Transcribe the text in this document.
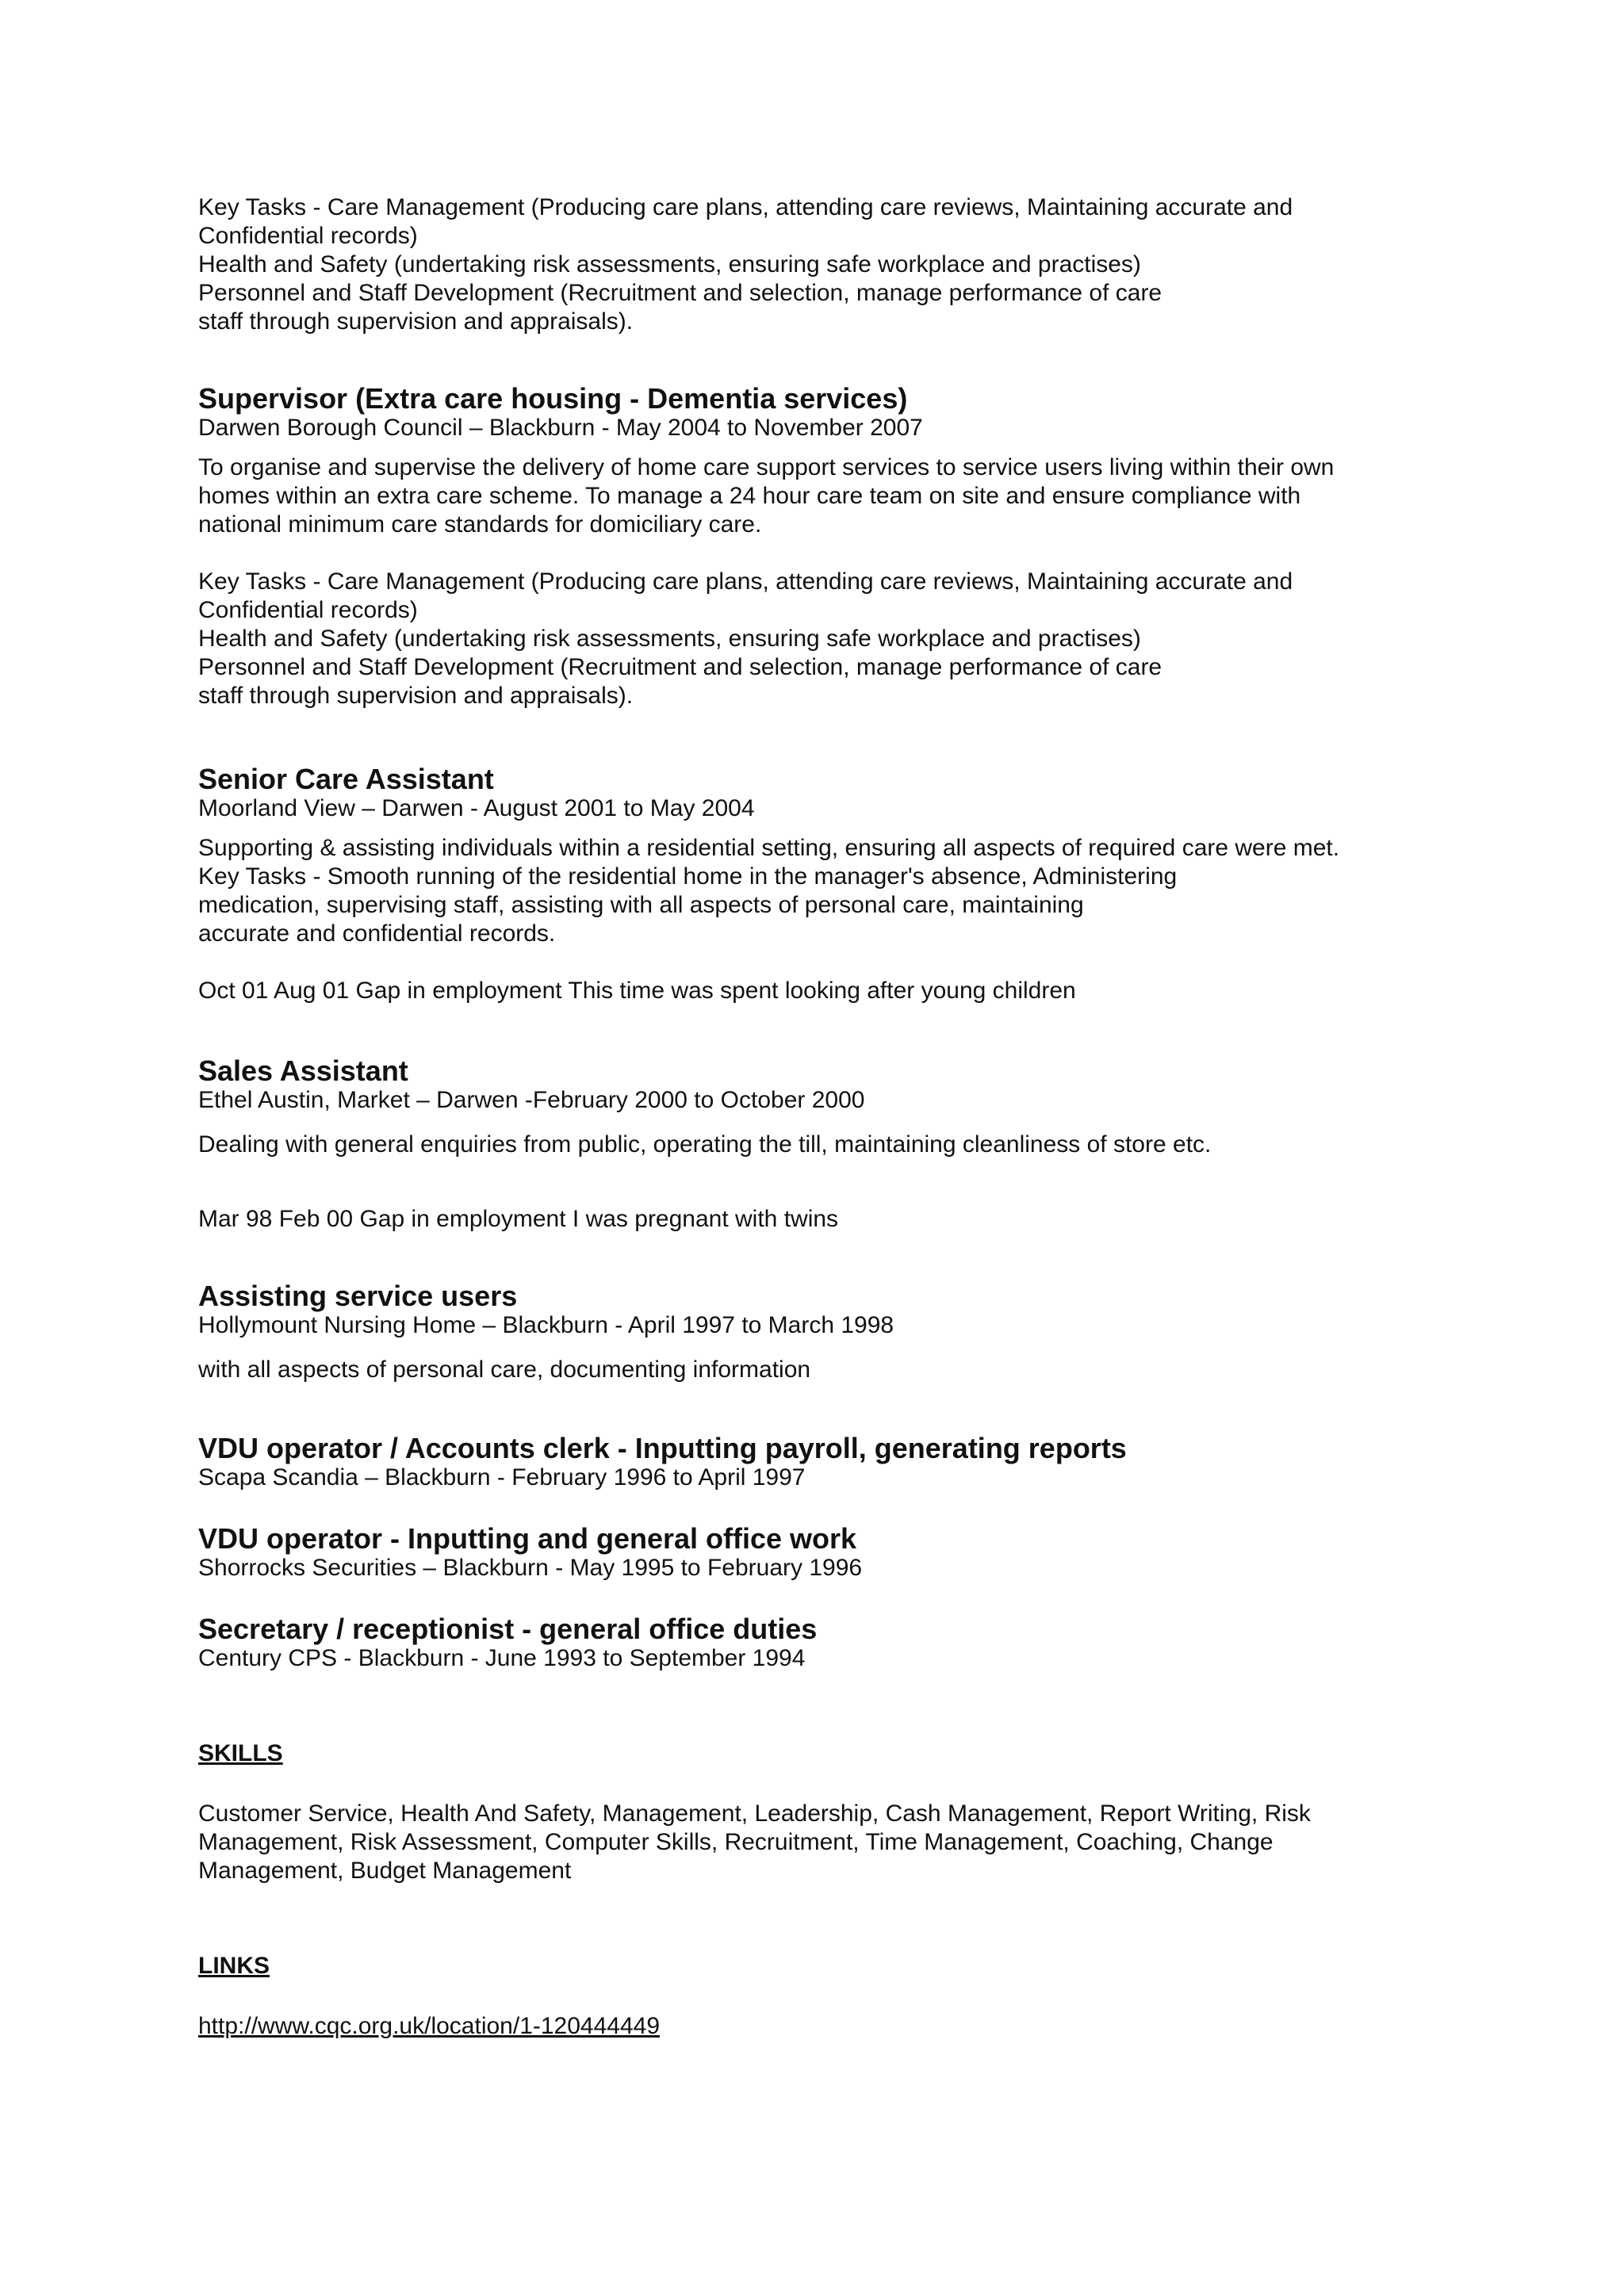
Key Tasks - Care Management (Producing care plans, attending care reviews, Maintaining accurate and

Confidential records)

Health and Safety (undertaking risk assessments, ensuring safe workplace and practises)

Personnel and Staff Development (Recruitment and selection, manage performance of care

staff through supervision and appraisals).

Supervisor (Extra care housing - Dementia services)

Darwen Borough Council – Blackburn - May 2004 to November 2007

To organise and supervise the delivery of home care support services to service users living within their own

homes within an extra care scheme. To manage a 24 hour care team on site and ensure compliance with

national minimum care standards for domiciliary care.

Key Tasks - Care Management (Producing care plans, attending care reviews, Maintaining accurate and

Confidential records)

Health and Safety (undertaking risk assessments, ensuring safe workplace and practises)

Personnel and Staff Development (Recruitment and selection, manage performance of care

staff through supervision and appraisals).

Senior Care Assistant

Moorland View – Darwen - August 2001 to May 2004

Supporting & assisting individuals within a residential setting, ensuring all aspects of required care were met.

Key Tasks - Smooth running of the residential home in the manager's absence, Administering

medication, supervising staff, assisting with all aspects of personal care, maintaining

accurate and confidential records.

Oct 01 Aug 01 Gap in employment This time was spent looking after young children

Sales Assistant

Ethel Austin, Market – Darwen -February 2000 to October 2000

Dealing with general enquiries from public, operating the till, maintaining cleanliness of store etc.

Mar 98 Feb 00 Gap in employment I was pregnant with twins

Assisting service users

Hollymount Nursing Home – Blackburn - April 1997 to March 1998

with all aspects of personal care, documenting information

VDU operator / Accounts clerk - Inputting payroll, generating reports

Scapa Scandia – Blackburn - February 1996 to April 1997

VDU operator - Inputting and general office work

Shorrocks Securities – Blackburn - May 1995 to February 1996

Secretary / receptionist - general office duties

Century CPS - Blackburn - June 1993 to September 1994

SKILLS

Customer Service, Health And Safety, Management, Leadership, Cash Management, Report Writing, Risk

Management, Risk Assessment, Computer Skills, Recruitment, Time Management, Coaching, Change

Management, Budget Management

LINKS

http://www.cqc.org.uk/location/1-120444449
